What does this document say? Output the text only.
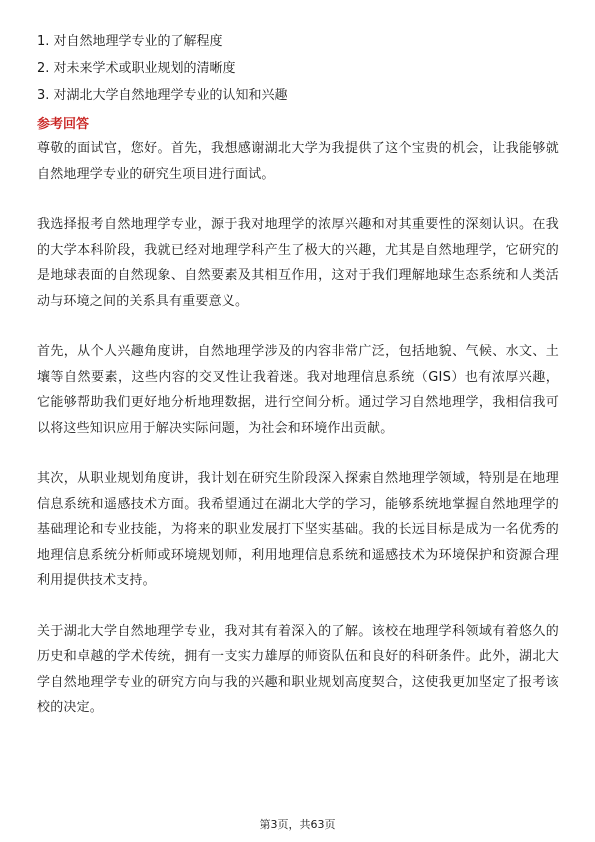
1. 对自然地理学专业的了解程度
2. 对未来学术或职业规划的清晰度
3. 对湖北大学自然地理学专业的认知和兴趣
参考回答

尊敬的面试官，您好。首先，我想感谢湖北大学为我提供了这个宝贵的机会，让我能够就自然地理学专业的研究生项目进行面试。

我选择报考自然地理学专业，源于我对地理学的浓厚兴趣和对其重要性的深刻认识。在我的大学本科阶段，我就已经对地理学科产生了极大的兴趣，尤其是自然地理学，它研究的是地球表面的自然现象、自然要素及其相互作用，这对于我们理解地球生态系统和人类活动与环境之间的关系具有重要意义。

首先，从个人兴趣角度讲，自然地理学涉及的内容非常广泛，包括地貌、气候、水文、土壤等自然要素，这些内容的交叉性让我着迷。我对地理信息系统（GIS）也有浓厚兴趣，它能够帮助我们更好地分析地理数据，进行空间分析。通过学习自然地理学，我相信我可以将这些知识应用于解决实际问题，为社会和环境作出贡献。

其次，从职业规划角度讲，我计划在研究生阶段深入探索自然地理学领域，特别是在地理信息系统和遥感技术方面。我希望通过在湖北大学的学习，能够系统地掌握自然地理学的基础理论和专业技能，为将来的职业发展打下坚实基础。我的长远目标是成为一名优秀的地理信息系统分析师或环境规划师，利用地理信息系统和遥感技术为环境保护和资源合理利用提供技术支持。

关于湖北大学自然地理学专业，我对其有着深入的了解。该校在地理学科领域有着悠久的历史和卓越的学术传统，拥有一支实力雄厚的师资队伍和良好的科研条件。此外，湖北大学自然地理学专业的研究方向与我的兴趣和职业规划高度契合，这使我更加坚定了报考该校的决定。

第3页，共63页
